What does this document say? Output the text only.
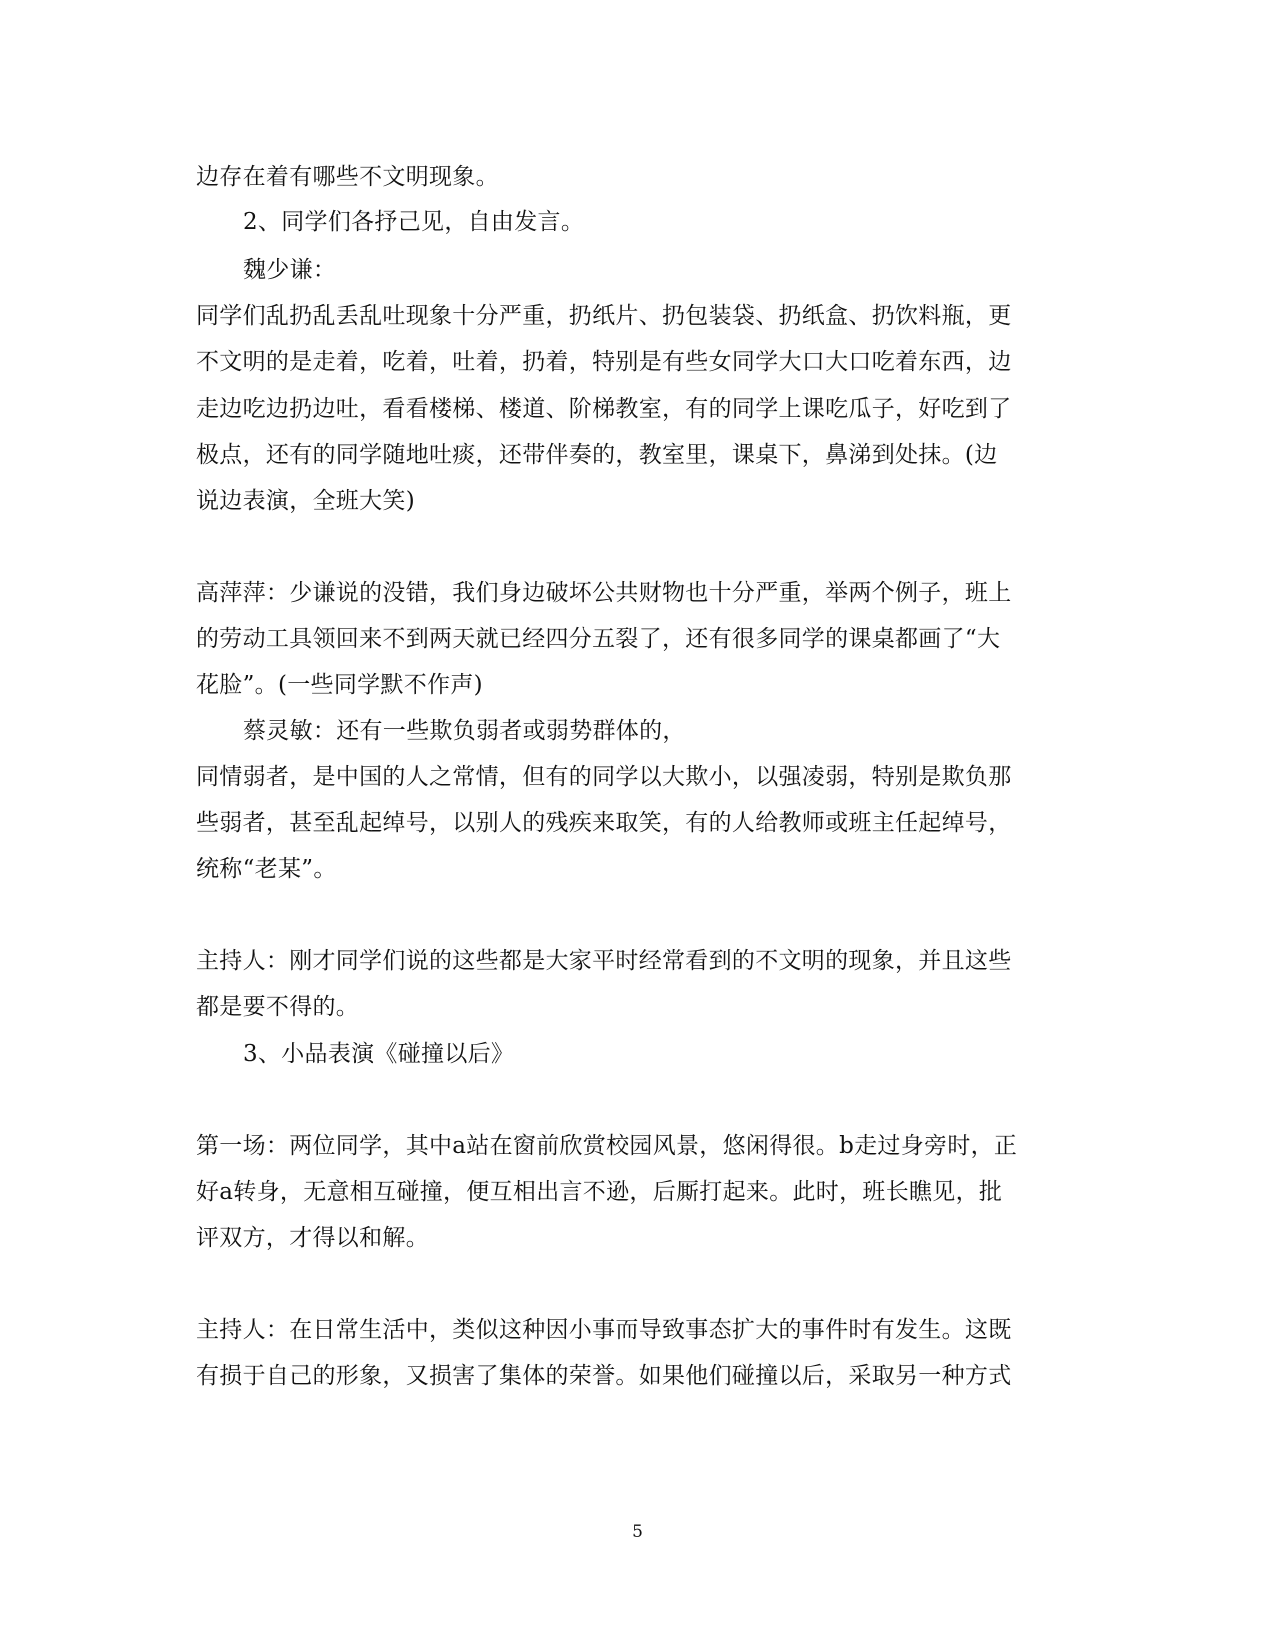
边存在着有哪些不文明现象。
2、同学们各抒己见，自由发言。
魏少谦：
同学们乱扔乱丢乱吐现象十分严重，扔纸片、扔包装袋、扔纸盒、扔饮料瓶，更
不文明的是走着，吃着，吐着，扔着，特别是有些女同学大口大口吃着东西，边
走边吃边扔边吐，看看楼梯、楼道、阶梯教室，有的同学上课吃瓜子，好吃到了
极点，还有的同学随地吐痰，还带伴奏的，教室里，课桌下，鼻涕到处抹。(边
说边表演，全班大笑)
高萍萍：少谦说的没错，我们身边破坏公共财物也十分严重，举两个例子，班上
的劳动工具领回来不到两天就已经四分五裂了，还有很多同学的课桌都画了“大
花脸”。(一些同学默不作声)
蔡灵敏：还有一些欺负弱者或弱势群体的，
同情弱者，是中国的人之常情，但有的同学以大欺小，以强凌弱，特别是欺负那
些弱者，甚至乱起绰号，以别人的残疾来取笑，有的人给教师或班主任起绰号，
统称“老某”。
主持人：刚才同学们说的这些都是大家平时经常看到的不文明的现象，并且这些
都是要不得的。
3、小品表演《碰撞以后》
第一场：两位同学，其中a站在窗前欣赏校园风景，悠闲得很。b走过身旁时，正
好a转身，无意相互碰撞，便互相出言不逊，后厮打起来。此时，班长瞧见，批
评双方，才得以和解。
主持人：在日常生活中，类似这种因小事而导致事态扩大的事件时有发生。这既
有损于自己的形象，又损害了集体的荣誉。如果他们碰撞以后，采取另一种方式
5
